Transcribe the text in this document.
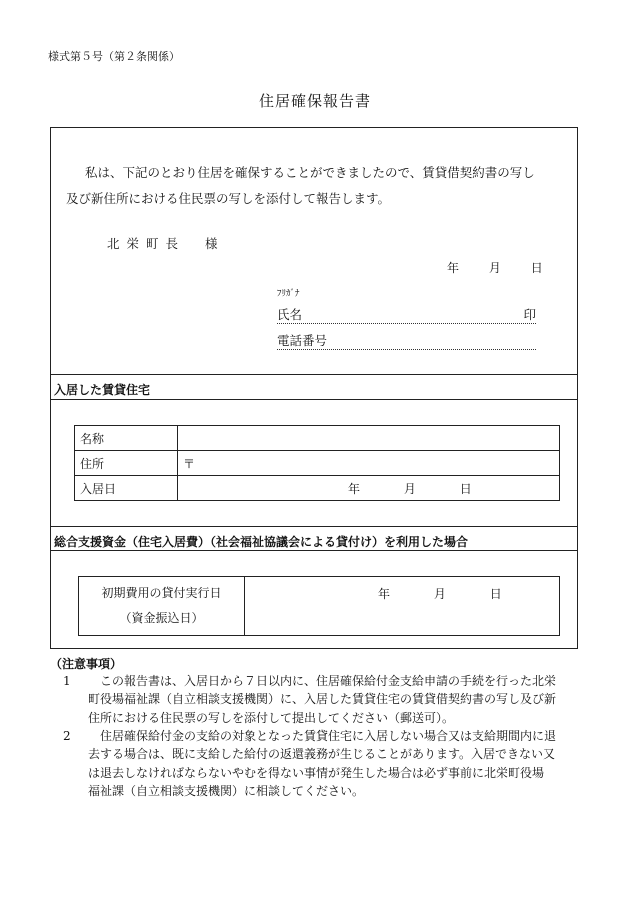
様式第５号（第２条関係）
住居確保報告書

私は、下記のとおり住居を確保することができましたので、賃貸借契約書の写し

及び新住所における住民票の写しを添付して報告します。

北栄町長 様
年 月 日
ﾌﾘｶﾞﾅ
氏名	印
電話番号
入居した賃貸住宅
名称	
住所	〒
入居日	年 月 日
総合支援資金（住宅入居費）（社会福祉協議会による貸付け）を利用した場合
初期費用の貸付実行日
（資金振込日）
	年	月	日
（注意事項）
1	この報告書は、入居日から７日以内に、住居確保給付金支給申請の手続を行った北栄
町役場福祉課（自立相談支援機関）に、入居した賃貸住宅の賃貸借契約書の写し及び新
住所における住民票の写しを添付して提出してください（郵送可）。
2	住居確保給付金の支給の対象となった賃貸住宅に入居しない場合又は支給期間内に退
去する場合は、既に支給した給付の返還義務が生じることがあります。入居できない又
は退去しなければならないやむを得ない事情が発生した場合は必ず事前に北栄町役場
福祉課（自立相談支援機関）に相談してください。
